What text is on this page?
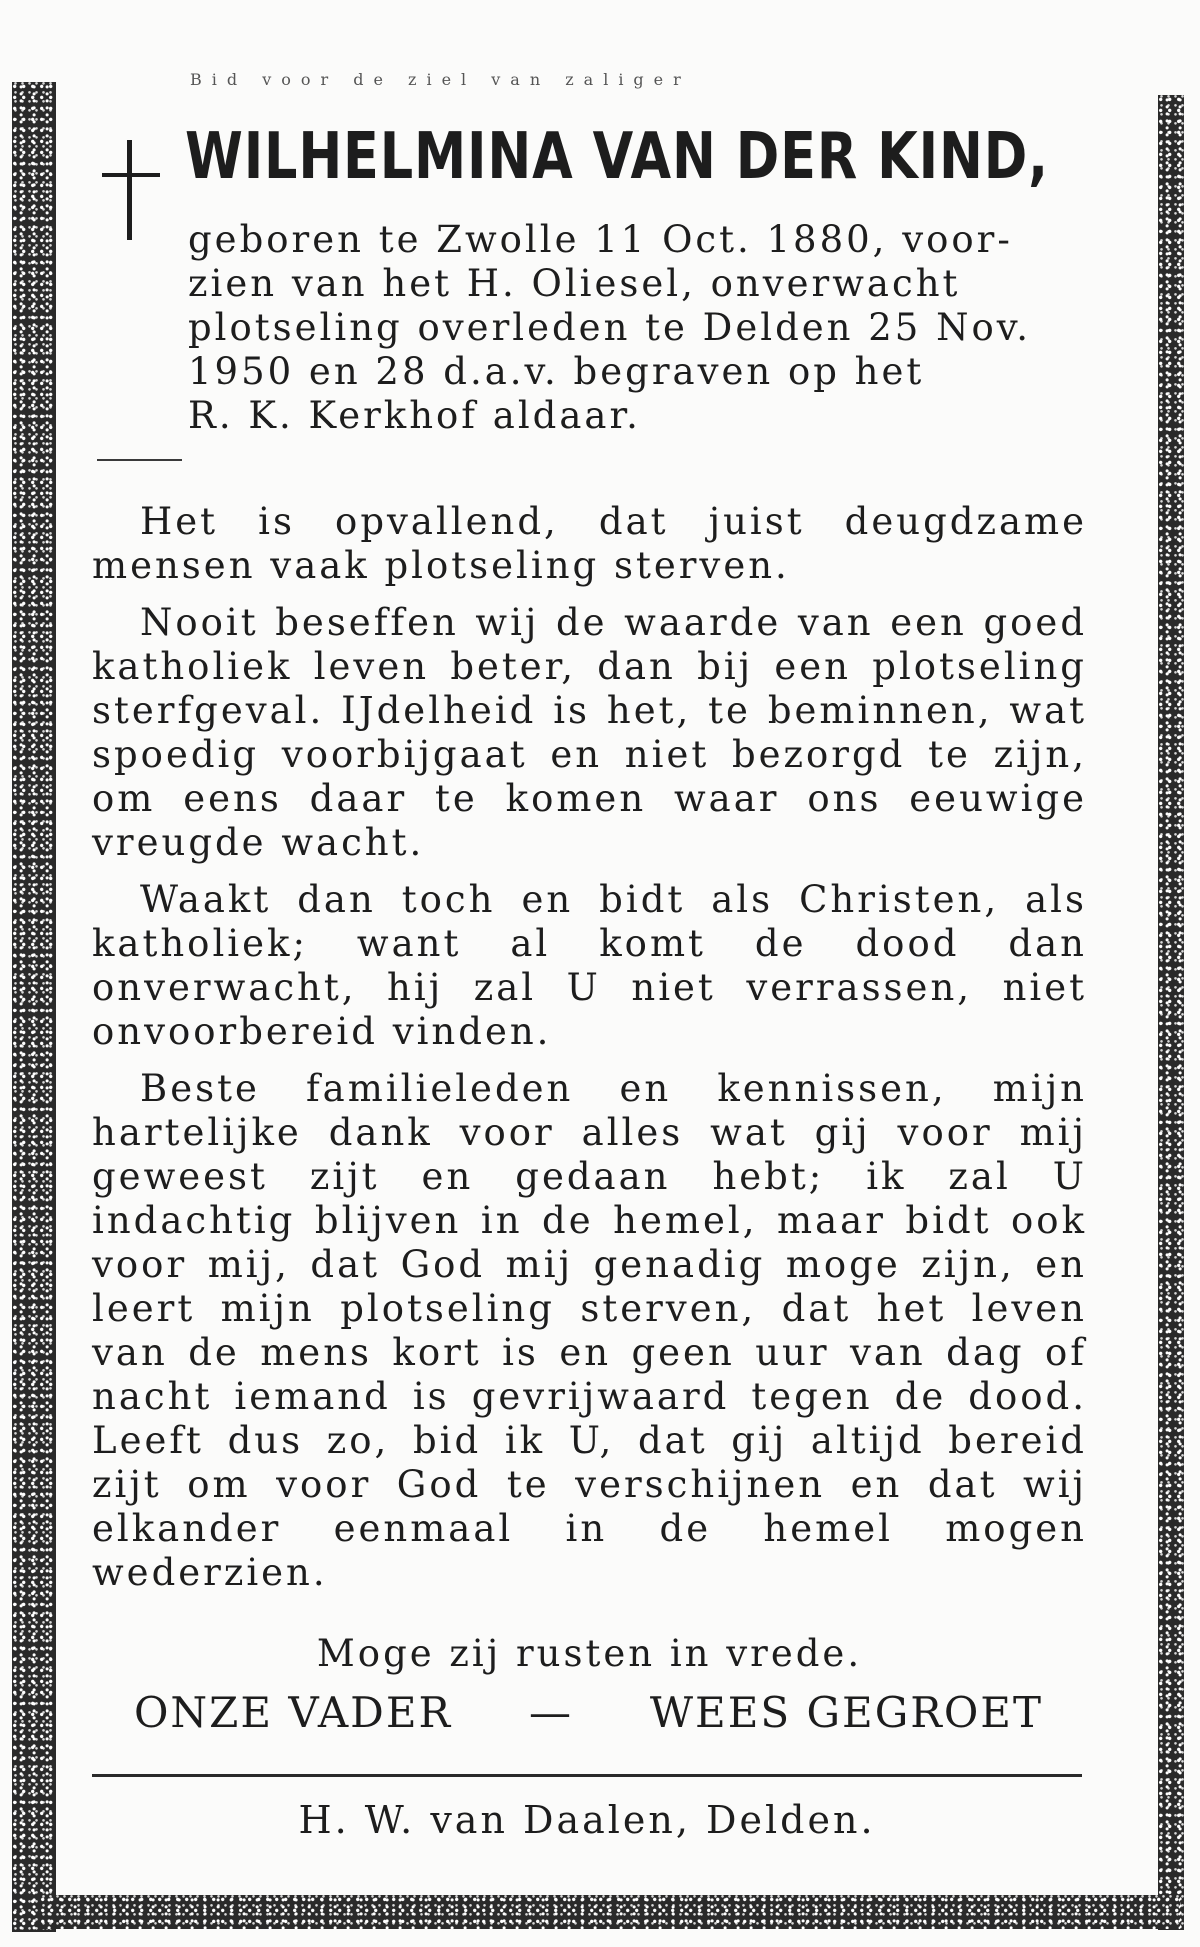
Bid voor de ziel van zaliger
WILHELMINA VAN DER KIND,

geboren te Zwolle 11 Oct. 1880, voor-

zien van het H. Oliesel, onverwacht

plotseling overleden te Delden 25 Nov.

1950 en 28 d.a.v. begraven op het

R. K. Kerkhof aldaar.

Het is opvallend, dat juist deugdzame mensen vaak plotseling sterven.

Nooit beseffen wij de waarde van een goed katholiek leven beter, dan bij een plotseling sterfgeval. IJdelheid is het, te beminnen, wat spoedig voorbijgaat en niet bezorgd te zijn, om eens daar te komen waar ons eeuwige vreugde wacht.

Waakt dan toch en bidt als Christen, als katholiek; want al komt de dood dan onverwacht, hij zal U niet verrassen, niet onvoorbereid vinden.

Beste familieleden en kennissen, mijn hartelijke dank voor alles wat gij voor mij geweest zijt en gedaan hebt; ik zal U indachtig blijven in de hemel, maar bidt ook voor mij, dat God mij genadig moge zijn, en leert mijn plotseling sterven, dat het leven van de mens kort is en geen uur van dag of nacht iemand is gevrijwaard tegen de dood. Leeft dus zo, bid ik U, dat gij altijd bereid zijt om voor God te verschijnen en dat wij elkander eenmaal in de hemel mogen wederzien.

Moge zij rusten in vrede.
ONZE VADER — WEES GEGROET
H. W. van Daalen, Delden.
